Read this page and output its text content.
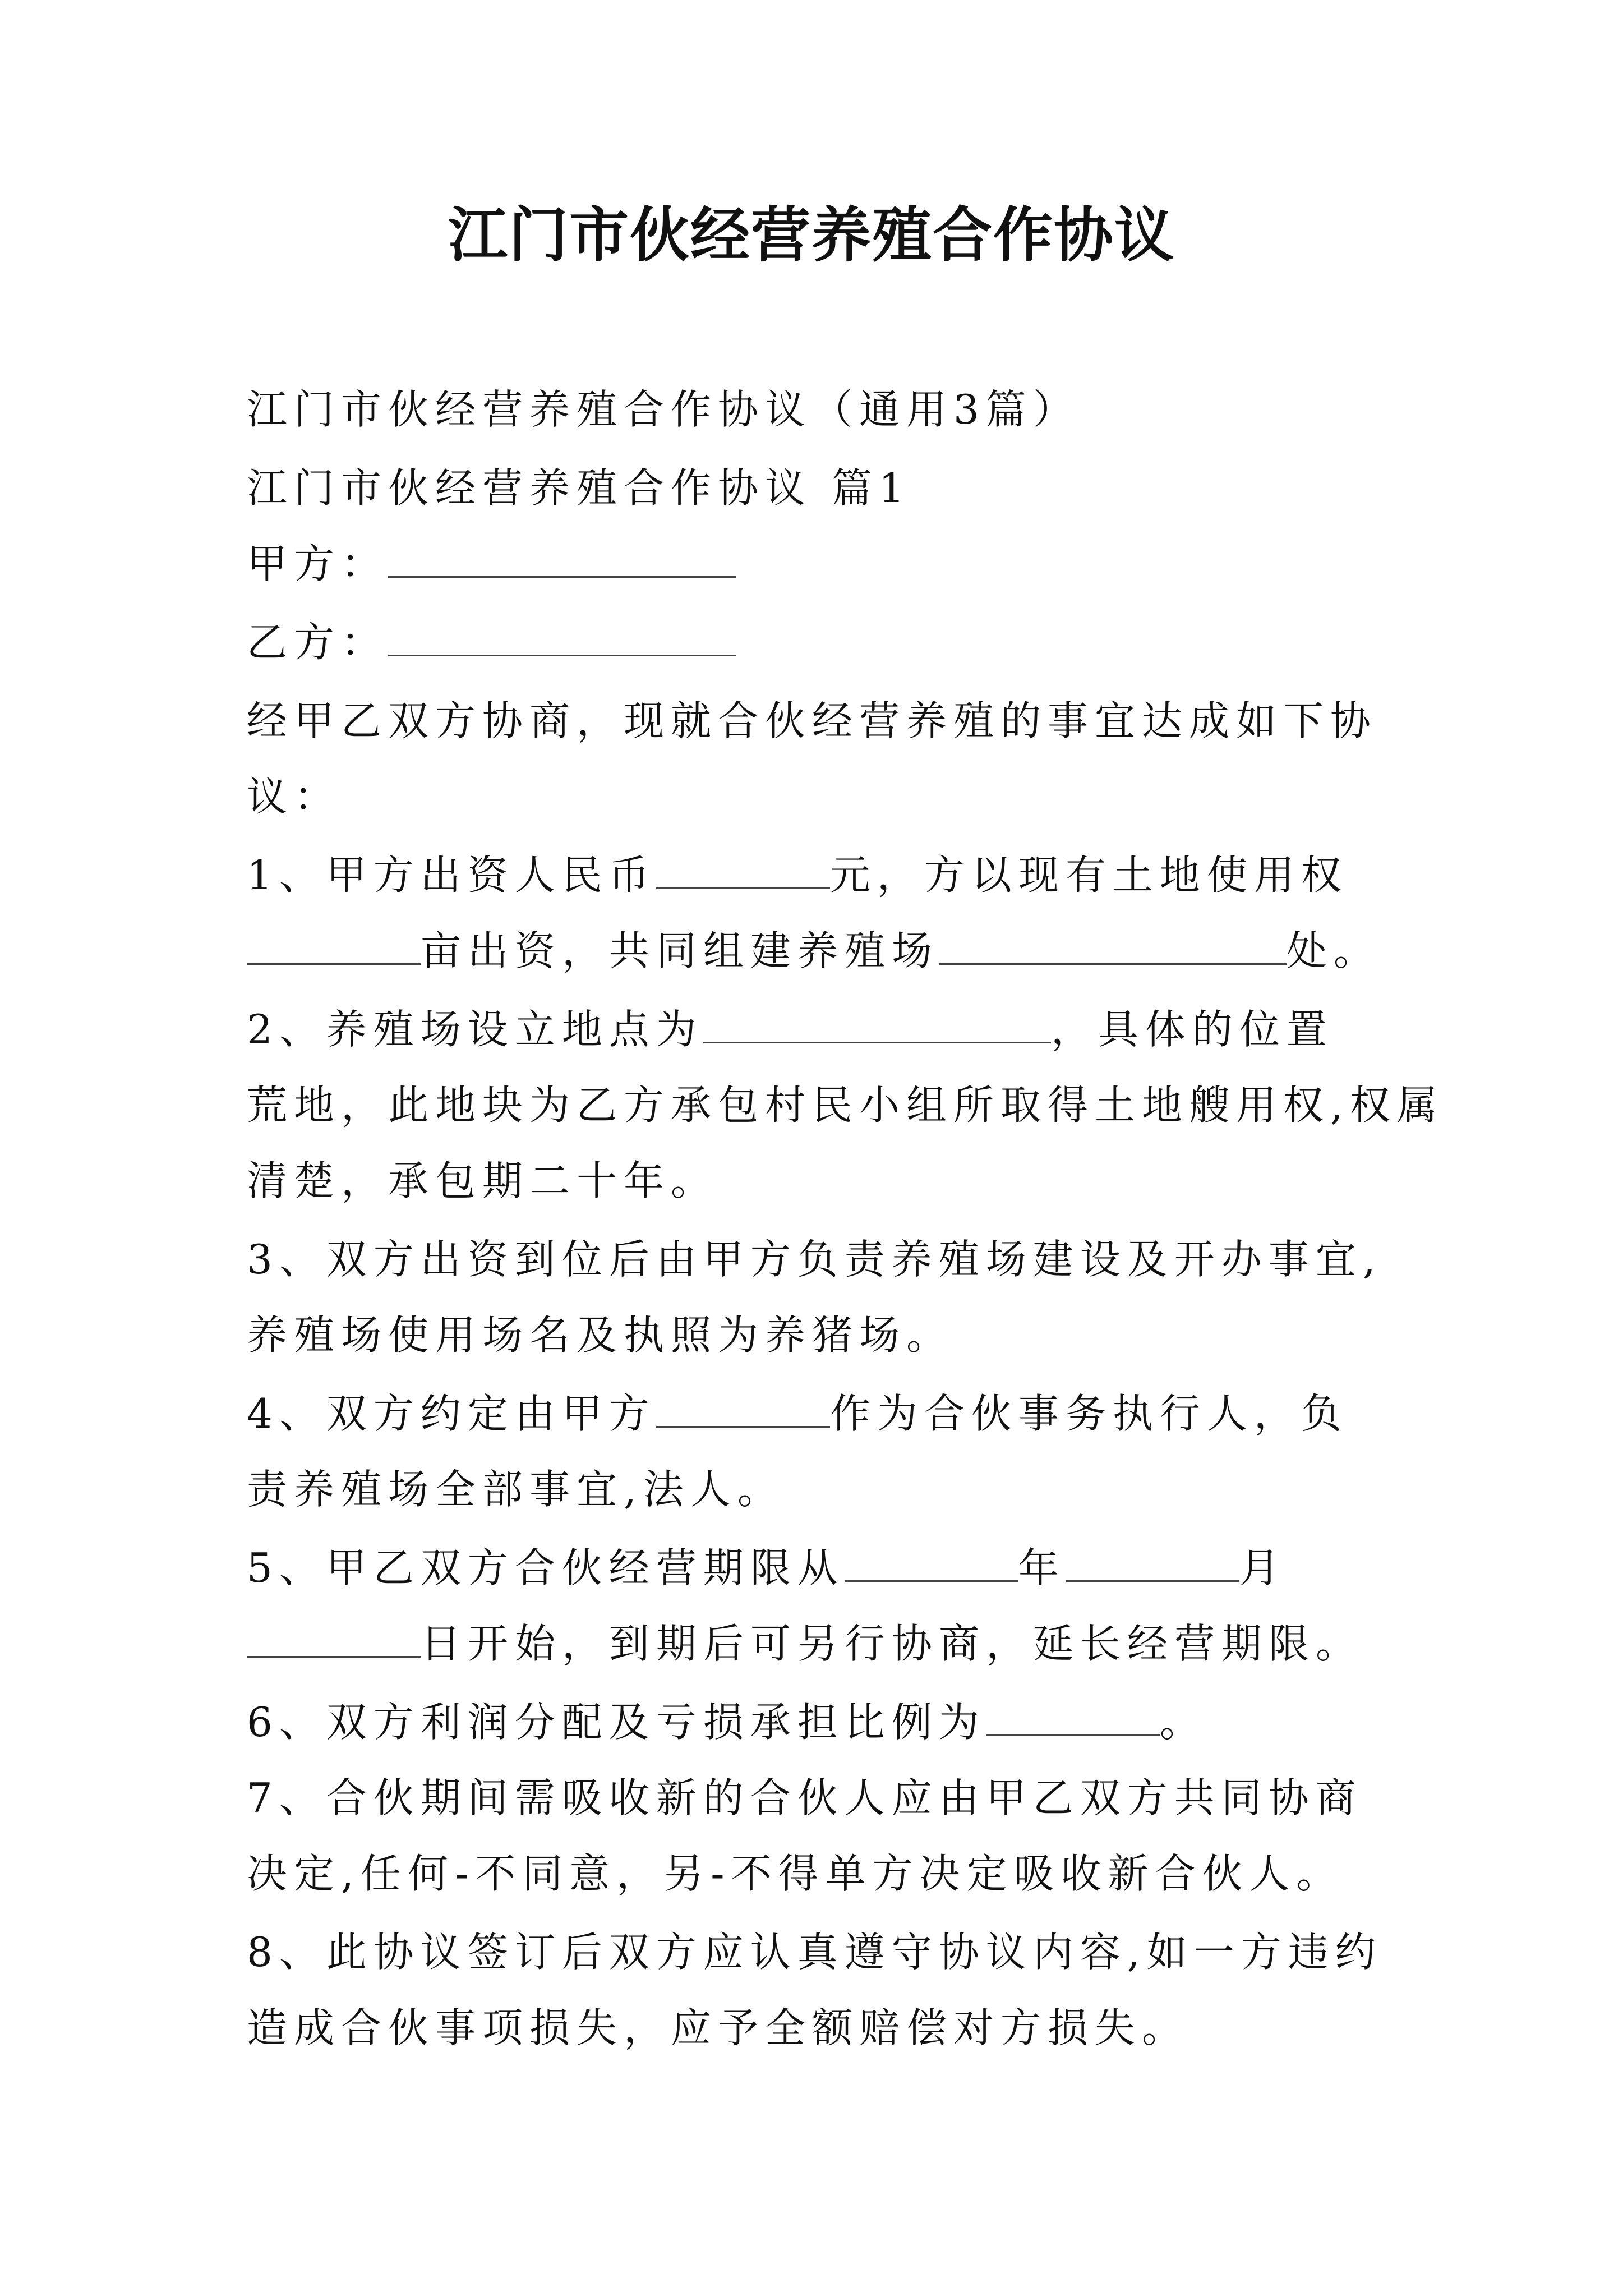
江门市伙经营养殖合作协议
江门市伙经营养殖合作协议（通用3篇）
江门市伙经营养殖合作协议 篇1
甲方：
乙方：
经甲乙双方协商，现就合伙经营养殖的事宜达成如下协
议：
1、甲方出资人民币	元，方以现有土地使用权
亩出资，共同组建养殖场	处。
2、养殖场设立地点为	，具体的位置
荒地，此地块为乙方承包村民小组所取得土地艘用权,权属
清楚，承包期二十年。
3、双方出资到位后由甲方负责养殖场建设及开办事宜,
养殖场使用场名及执照为养猪场。
4、双方约定由甲方	作为合伙事务执行人，负
责养殖场全部事宜,法人。
5、甲乙双方合伙经营期限从	年	月
日开始，到期后可另行协商，延长经营期限。
6、双方利润分配及亏损承担比例为	。
7、合伙期间需吸收新的合伙人应由甲乙双方共同协商
决定,任何-不同意，另-不得单方决定吸收新合伙人。
8、此协议签订后双方应认真遵守协议内容,如一方违约
造成合伙事项损失，应予全额赔偿对方损失。
